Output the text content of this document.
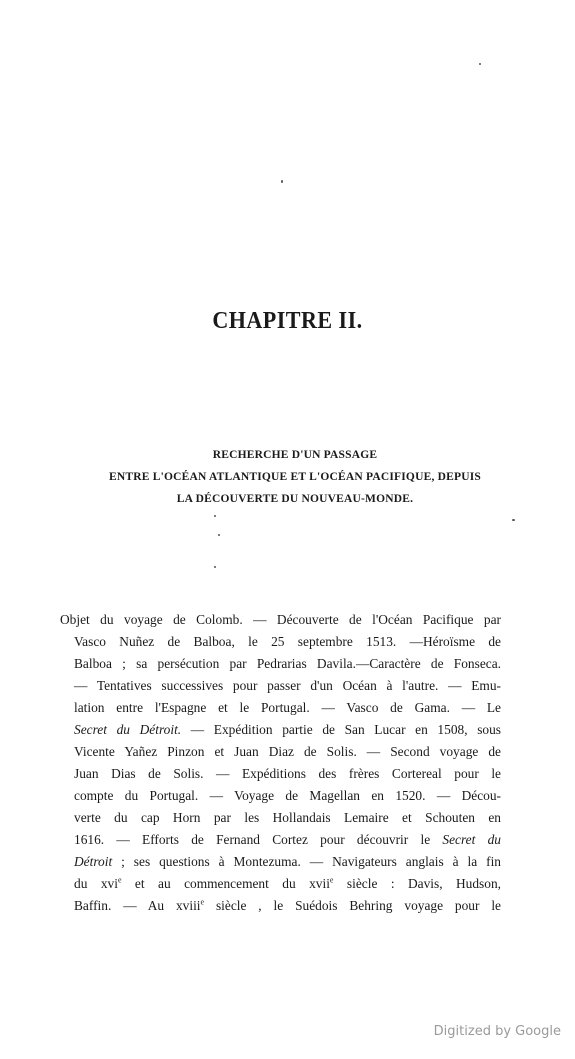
CHAPITRE II.
RECHERCHE D'UN PASSAGE
ENTRE L'OCÉAN ATLANTIQUE ET L'OCÉAN PACIFIQUE, DEPUIS
LA DÉCOUVERTE DU NOUVEAU-MONDE.
Objet du voyage de Colomb. — Découverte de l'Océan Pacifique par
Vasco Nuñez de Balboa, le 25 septembre 1513. —Héroïsme de
Balboa ; sa persécution par Pedrarias Davila.—Caractère de Fonseca.
— Tentatives successives pour passer d'un Océan à l'autre. — Emu-
lation entre l'Espagne et le Portugal. — Vasco de Gama. — Le
Secret du Détroit. — Expédition partie de San Lucar en 1508, sous
Vicente Yañez Pinzon et Juan Diaz de Solis. — Second voyage de
Juan Dias de Solis. — Expéditions des frères Cortereal pour le
compte du Portugal. — Voyage de Magellan en 1520. — Décou-
verte du cap Horn par les Hollandais Lemaire et Schouten en
1616. — Efforts de Fernand Cortez pour découvrir le Secret du
Détroit ; ses questions à Montezuma. — Navigateurs anglais à la fin
du xvi$^e$ et au commencement du xvii$^e$ siècle : Davis, Hudson,
Baffin. — Au xviii$^e$ siècle , le Suédois Behring voyage pour le
Digitized by Google
